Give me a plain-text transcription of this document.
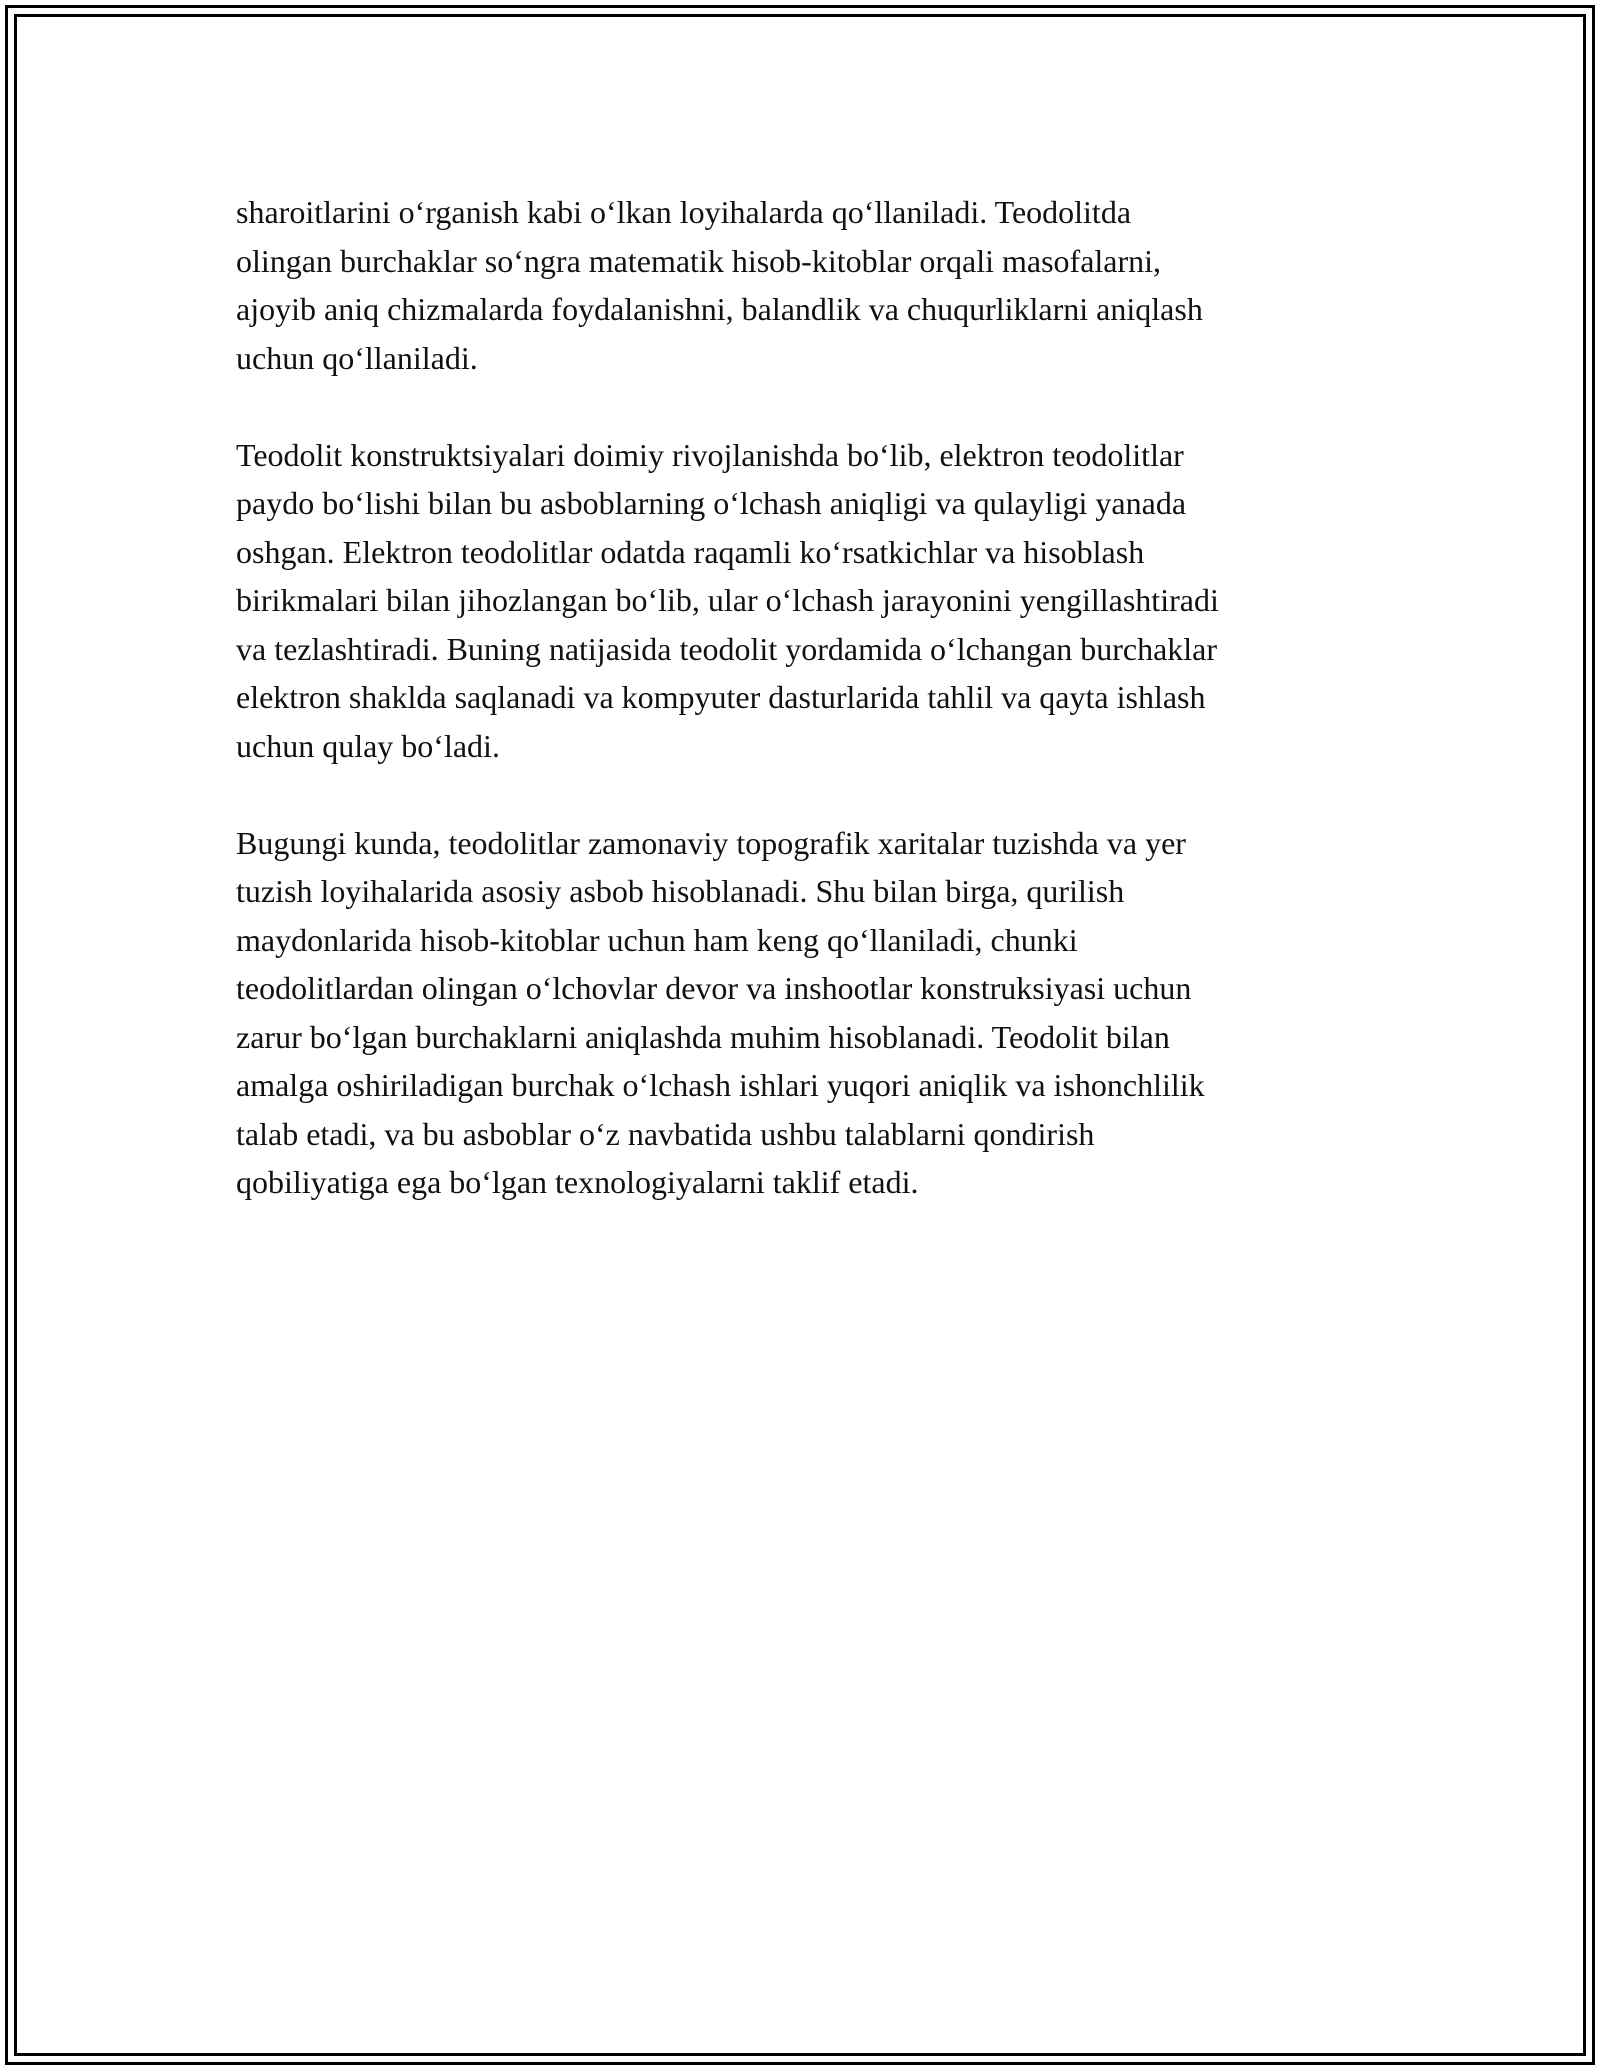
sharoitlarini o‘rganish kabi o‘lkan loyihalarda qo‘llaniladi. Teodolitda
olingan burchaklar so‘ngra matematik hisob-kitoblar orqali masofalarni,
ajoyib aniq chizmalarda foydalanishni, balandlik va chuqurliklarni aniqlash
uchun qo‘llaniladi.

Teodolit konstruktsiyalari doimiy rivojlanishda bo‘lib, elektron teodolitlar
paydo bo‘lishi bilan bu asboblarning o‘lchash aniqligi va qulayligi yanada
oshgan. Elektron teodolitlar odatda raqamli ko‘rsatkichlar va hisoblash
birikmalari bilan jihozlangan bo‘lib, ular o‘lchash jarayonini yengillashtiradi
va tezlashtiradi. Buning natijasida teodolit yordamida o‘lchangan burchaklar
elektron shaklda saqlanadi va kompyuter dasturlarida tahlil va qayta ishlash
uchun qulay bo‘ladi.

Bugungi kunda, teodolitlar zamonaviy topografik xaritalar tuzishda va yer
tuzish loyihalarida asosiy asbob hisoblanadi. Shu bilan birga, qurilish
maydonlarida hisob-kitoblar uchun ham keng qo‘llaniladi, chunki
teodolitlardan olingan o‘lchovlar devor va inshootlar konstruksiyasi uchun
zarur bo‘lgan burchaklarni aniqlashda muhim hisoblanadi. Teodolit bilan
amalga oshiriladigan burchak o‘lchash ishlari yuqori aniqlik va ishonchlilik
talab etadi, va bu asboblar o‘z navbatida ushbu talablarni qondirish
qobiliyatiga ega bo‘lgan texnologiyalarni taklif etadi.
